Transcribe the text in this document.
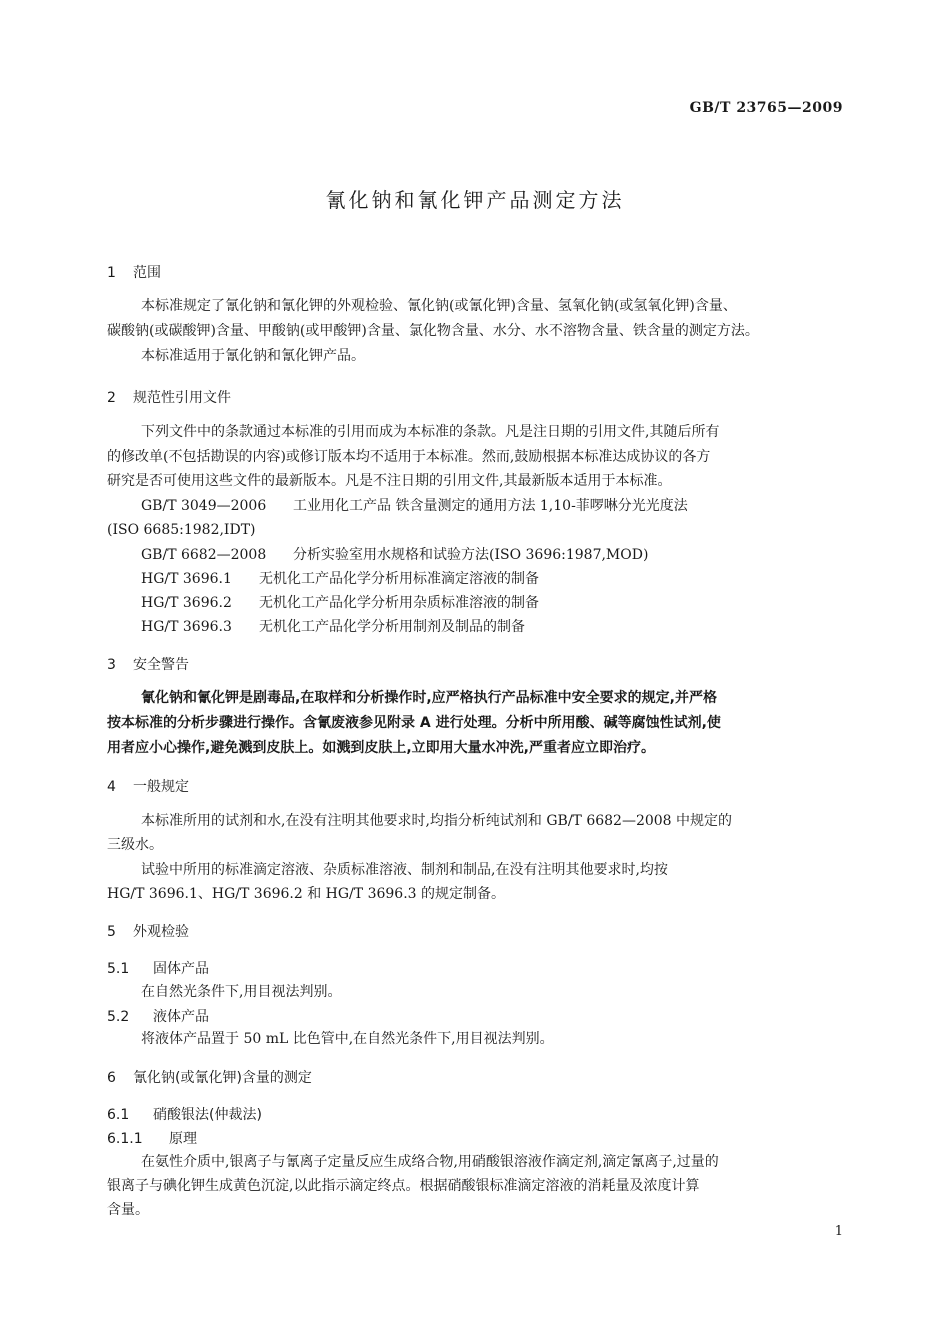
GB/T 23765—2009
氰化钠和氰化钾产品测定方法
1 范围
本标准规定了氰化钠和氰化钾的外观检验、氰化钠(或氰化钾)含量、氢氧化钠(或氢氧化钾)含量、
碳酸钠(或碳酸钾)含量、甲酸钠(或甲酸钾)含量、氯化物含量、水分、水不溶物含量、铁含量的测定方法。
本标准适用于氰化钠和氰化钾产品。
2 规范性引用文件
下列文件中的条款通过本标准的引用而成为本标准的条款。凡是注日期的引用文件,其随后所有
的修改单(不包括勘误的内容)或修订版本均不适用于本标准。然而,鼓励根据本标准达成协议的各方
研究是否可使用这些文件的最新版本。凡是不注日期的引用文件,其最新版本适用于本标准。
GB/T 3049—2006 工业用化工产品 铁含量测定的通用方法 1,10-菲啰啉分光光度法
(ISO 6685:1982,IDT)
GB/T 6682—2008 分析实验室用水规格和试验方法(ISO 3696:1987,MOD)
HG/T 3696.1 无机化工产品化学分析用标准滴定溶液的制备
HG/T 3696.2 无机化工产品化学分析用杂质标准溶液的制备
HG/T 3696.3 无机化工产品化学分析用制剂及制品的制备
3 安全警告
氰化钠和氰化钾是剧毒品,在取样和分析操作时,应严格执行产品标准中安全要求的规定,并严格
按本标准的分析步骤进行操作。含氰废液参见附录 A 进行处理。分析中所用酸、碱等腐蚀性试剂,使
用者应小心操作,避免溅到皮肤上。如溅到皮肤上,立即用大量水冲洗,严重者应立即治疗。
4 一般规定
本标准所用的试剂和水,在没有注明其他要求时,均指分析纯试剂和 GB/T 6682—2008 中规定的
三级水。
试验中所用的标准滴定溶液、杂质标准溶液、制剂和制品,在没有注明其他要求时,均按
HG/T 3696.1、HG/T 3696.2 和 HG/T 3696.3 的规定制备。
5 外观检验
5.1 固体产品
在自然光条件下,用目视法判别。
5.2 液体产品
将液体产品置于 50 mL 比色管中,在自然光条件下,用目视法判别。
6 氰化钠(或氰化钾)含量的测定
6.1 硝酸银法(仲裁法)
6.1.1 原理
在氨性介质中,银离子与氰离子定量反应生成络合物,用硝酸银溶液作滴定剂,滴定氰离子,过量的
银离子与碘化钾生成黄色沉淀,以此指示滴定终点。根据硝酸银标准滴定溶液的消耗量及浓度计算
含量。
1
